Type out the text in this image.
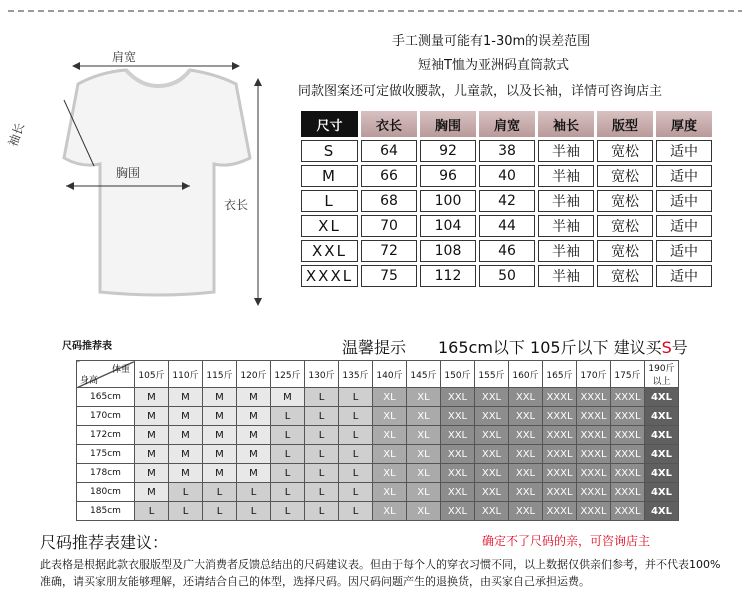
肩宽
袖长
胸围
衣长
手工测量可能有1-30m的误差范围
短袖T恤为亚洲码直筒款式
同款图案还可定做收腰款，儿童款，以及长袖，详情可咨询店主
尺寸	衣长	胸围	肩宽	袖长	版型	厚度
S	64	92	38	半袖	宽松	适中
M	66	96	40	半袖	宽松	适中
L	68	100	42	半袖	宽松	适中
XL	70	104	44	半袖	宽松	适中
XXL	72	108	46	半袖	宽松	适中
XXXL	75	112	50	半袖	宽松	适中
尺码推荐表	温馨提示　　165cm以下 105斤以下 建议买S号
体重
身高	105斤	110斤	115斤	120斤	125斤	130斤	135斤	140斤	145斤	150斤	155斤	160斤	165斤	170斤	175斤	190斤以上
165cm	M	M	M	M	M	L	L	XL	XL	XXL	XXL	XXL	XXXL	XXXL	XXXL	4XL
170cm	M	M	M	M	L	L	L	XL	XL	XXL	XXL	XXL	XXXL	XXXL	XXXL	4XL
172cm	M	M	M	M	L	L	L	XL	XL	XXL	XXL	XXL	XXXL	XXXL	XXXL	4XL
175cm	M	M	M	M	L	L	L	XL	XL	XXL	XXL	XXL	XXXL	XXXL	XXXL	4XL
178cm	M	M	M	M	L	L	L	XL	XL	XXL	XXL	XXL	XXXL	XXXL	XXXL	4XL
180cm	M	L	L	L	L	L	L	XL	XL	XXL	XXL	XXL	XXXL	XXXL	XXXL	4XL
185cm	L	L	L	L	L	L	L	XL	XL	XXL	XXL	XXL	XXXL	XXXL	XXXL	4XL
尺码推荐表建议：	确定不了尺码的亲，可咨询店主
此表格是根据此款衣服版型及广大消费者反馈总结出的尺码建议表。但由于每个人的穿衣习惯不同，以上数据仅供亲们参考，并不代表100%准确，请买家朋友能够理解，还请结合自己的体型，选择尺码。因尺码问题产生的退换货，由买家自己承担运费。
